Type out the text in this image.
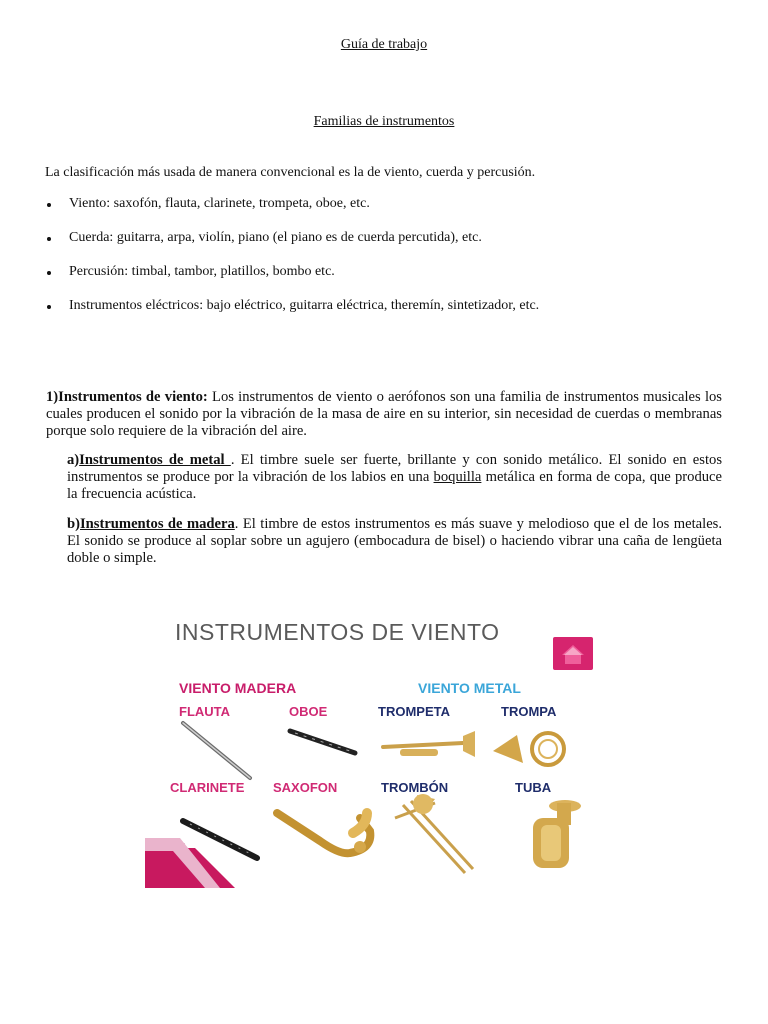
Guía de trabajo
Familias de instrumentos
La clasificación más usada de manera convencional es la de viento, cuerda y percusión.
Viento: saxofón, flauta, clarinete, trompeta, oboe, etc.
Cuerda: guitarra, arpa, violín, piano (el piano es de cuerda percutida), etc.
Percusión: timbal, tambor, platillos, bombo etc.
Instrumentos eléctricos: bajo eléctrico, guitarra eléctrica, theremín, sintetizador, etc.
1)Instrumentos de viento: Los instrumentos de viento o aerófonos son una familia de instrumentos musicales los cuales producen el sonido por la vibración de la masa de aire en su interior, sin necesidad de cuerdas o membranas porque solo requiere de la vibración del aire.
a)Instrumentos de metal . El timbre suele ser fuerte, brillante y con sonido metálico. El sonido en estos instrumentos se produce por la vibración de los labios en una boquilla metálica en forma de copa, que produce la frecuencia acústica.
b)Instrumentos de madera. El timbre de estos instrumentos es más suave y melodioso que el de los metales. El sonido se produce al soplar sobre un agujero (embocadura de bisel) o haciendo vibrar una caña de lengüeta doble o simple.
INSTRUMENTOS DE VIENTO
VIENTO MADERA	VIENTO METAL
FLAUTA	OBOE
CLARINETE SAXOFON
TROMPETA	TROMPA
TROMBÓN	TUBA
